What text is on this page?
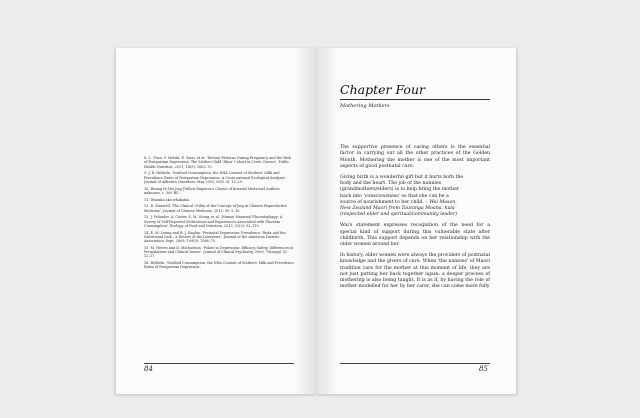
8. L. Chen, V. Melski, E. Sarri, et al. 'Dietary Patterns During Pregnancy and the Risk of Postpartum Depression: The Mother-Child 'Rhea' Cohort in Crete, Greece'. Public Health Nutrition, 2011; 14(9): 1663–70.

9. J. R. Hibbeln. 'Seafood Consumption, the DHA Content of Mothers' Milk and Prevalence Rates of Postpartum Depression: A Cross-national Ecological Analysis'. Journal of Affective Disorders, May 2002; 69(1–3): 15–29.

10. Huang Di Nei Jing [Yellow Emperor's Classic of Internal Medicine] Authors unknown. c. 300 BC.

11. Wairaka aka whakahia.

12. D. Maxwell. 'The Clinical Utility of the Concept of Jing in Chinese Reproductive Medicine'. Journal of Chinese Medicine, 2013; 99: 5–10.

13. J. Felander, A. Caster, S. M. Young, et al. 'Human Maternal Placentophagy: A Survey of Self-Reported Motivations and Experiences Associated with Placenta Consumption'. Ecology of Food and Nutrition, 2013; 52(2): 93–115.

14. E. M. Leung and B. J. Kaplan. 'Perinatal Depression: Prevalence, Risks and the Nutritional Link – a Review of the Literature'. Journal of the American Dietetic Association, Sept. 2009; 109(9): 1566–75.

15. M. Hewes and D. Michaelson. 'Folate in Depression: Efficacy, Safety, Differences in Formulations and Clinical Issues'. Journal of Clinical Psychiatry, 2009; 70(suppl. 5): 12–17.

16. Hibbeln. 'Seafood Consumption, the DHA Content of Mothers' Milk and Prevalence Rates of Postpartum Depression'.

84
Chapter Four
Mothering Mothers

The supportive presence of caring others is the essential factor in carrying out all the other practices of the Golden Month. Mothering the mother is one of the most important aspects of good postnatal care.

Giving birth is a wonderful gift but it hurts both the body and the heart. The job of the nannies (grandmothers/elders) is to help bring the mother back into 'consciousness' so that she can be a source of nourishment to her child. – Wai Mason, New Zealand Maori from Tauranga Moana, kuia (respected elder and spiritual/community leader)

Wai's statement expresses recognition of the need for a special kind of support during this vulnerable state after childbirth. This support depends on her relationship with the older women around her.

In history, older women were always the providers of postnatal knowledge and the givers of care. When 'the nannies' of Maori tradition care for the mother at this moment of life, they are not just putting her back together again: a deeper process of mothering is also being taught. It is as if, by having the role of mother modelled for her by her carer, she can come more fully

85
